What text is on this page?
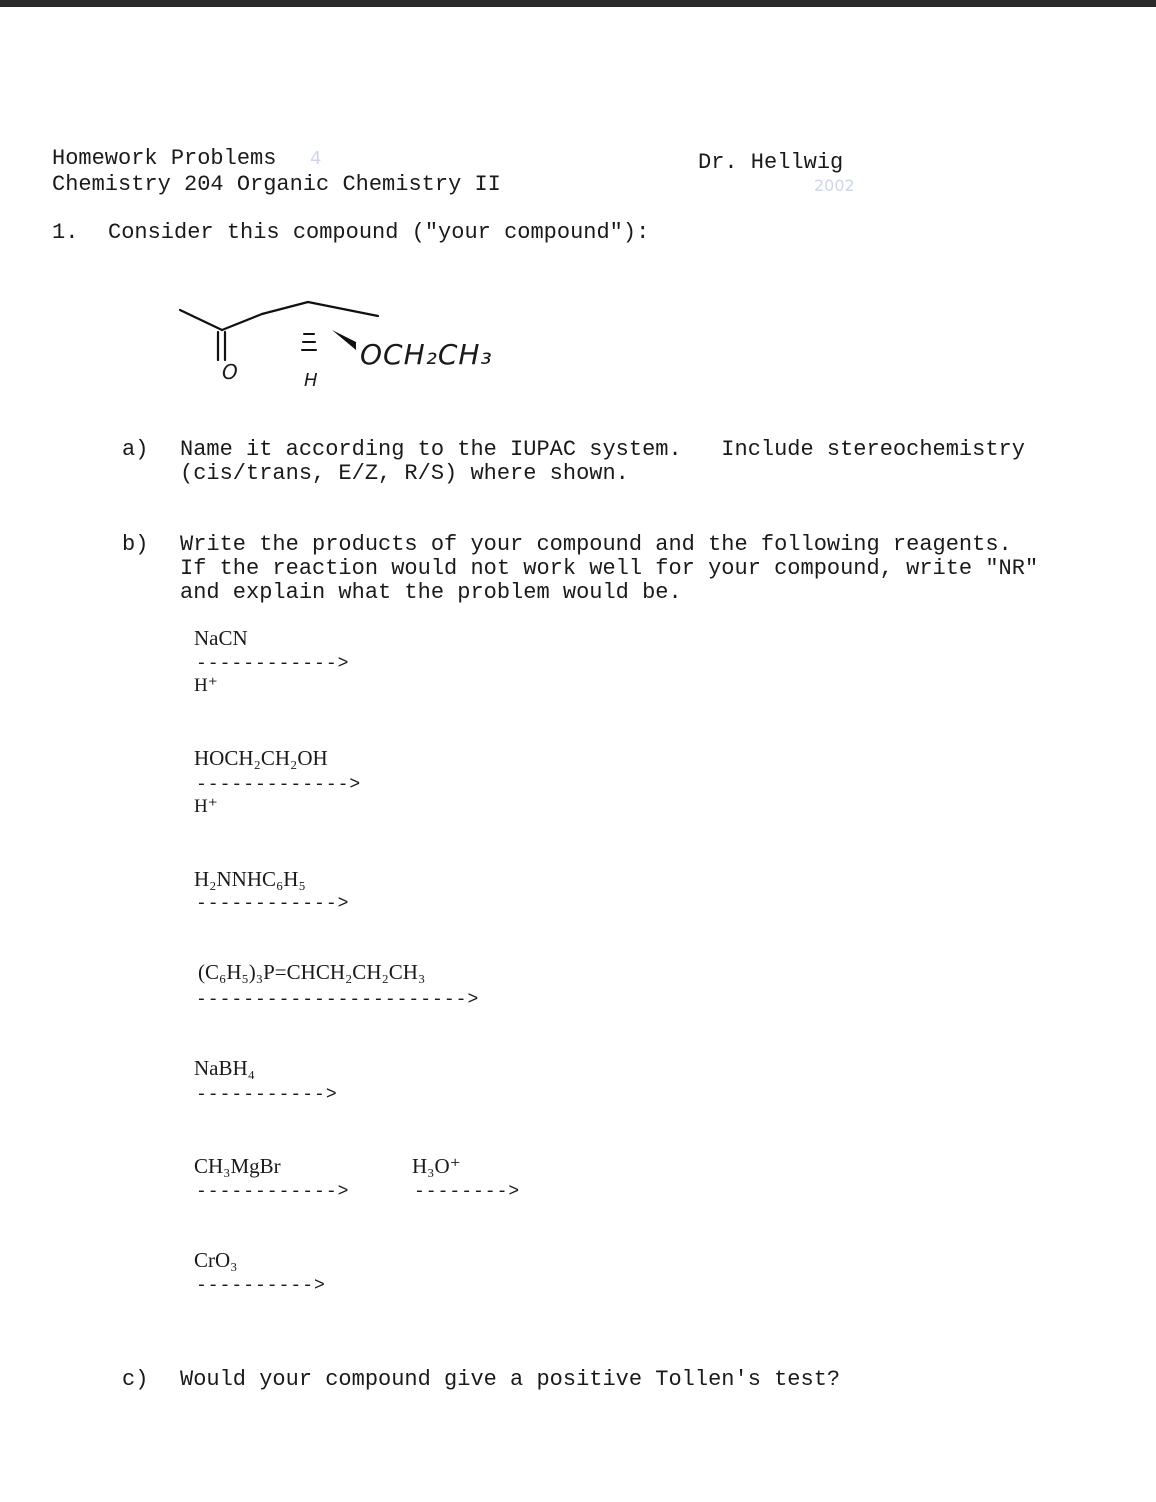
Homework Problems 4
Chemistry 204 Organic Chemistry II
Dr. Hellwig
2002
1. Consider this compound ("your compound"):
O	H
OCH₂CH₃
a) Name it according to the IUPAC system.   Include stereochemistry
(cis/trans, E/Z, R/S) where shown.
b) Write the products of your compound and the following reagents.
If the reaction would not work well for your compound, write "NR"
and explain what the problem would be.
NaCN
------------>
H⁺
HOCH₂CH₂OH
------------->
H⁺
H₂NNHC₆H₅
------------>
(C₆H₅)₃P=CHCH₂CH₂CH₃
----------------------->
NaBH₄
----------->
CH₃MgBr
------------>
H₃O⁺
-------->
CrO₃
---------->
c) Would your compound give a positive Tollen's test?
